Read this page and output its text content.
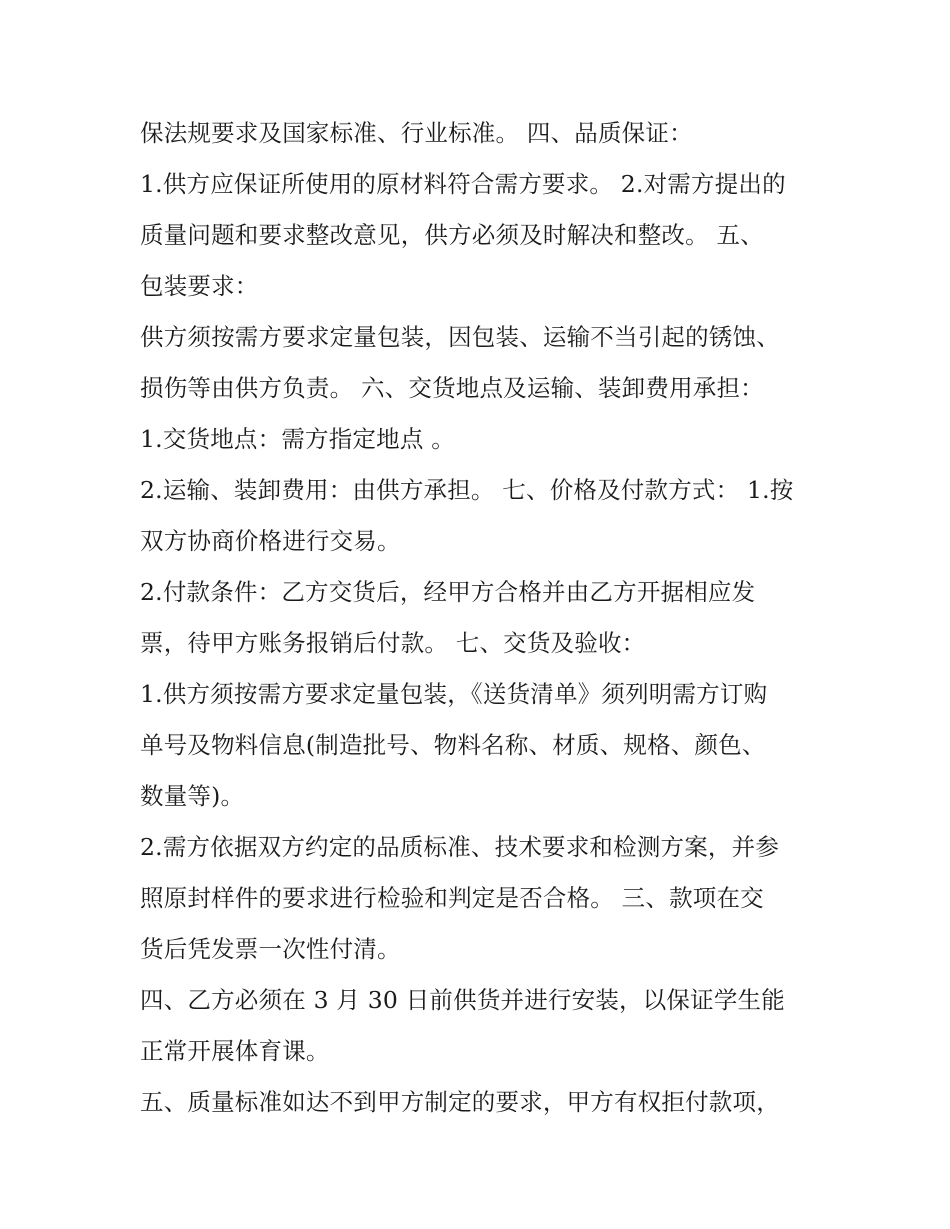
保法规要求及国家标准、行业标准。 四、品质保证：
1.供方应保证所使用的原材料符合需方要求。 2.对需方提出的
质量问题和要求整改意见，供方必须及时解决和整改。 五、
包装要求：
供方须按需方要求定量包装，因包装、运输不当引起的锈蚀、
损伤等由供方负责。 六、交货地点及运输、装卸费用承担：
1.交货地点：需方指定地点 。
2.运输、装卸费用：由供方承担。 七、价格及付款方式： 1.按
双方协商价格进行交易。
2.付款条件：乙方交货后，经甲方合格并由乙方开据相应发
票，待甲方账务报销后付款。 七、交货及验收：
1.供方须按需方要求定量包装，《送货清单》须列明需方订购
单号及物料信息(制造批号、物料名称、材质、规格、颜色、
数量等)。
2.需方依据双方约定的品质标准、技术要求和检测方案，并参
照原封样件的要求进行检验和判定是否合格。 三、款项在交
货后凭发票一次性付清。
四、乙方必须在 3 月 30 日前供货并进行安装，以保证学生能
正常开展体育课。
五、质量标准如达不到甲方制定的要求，甲方有权拒付款项，
